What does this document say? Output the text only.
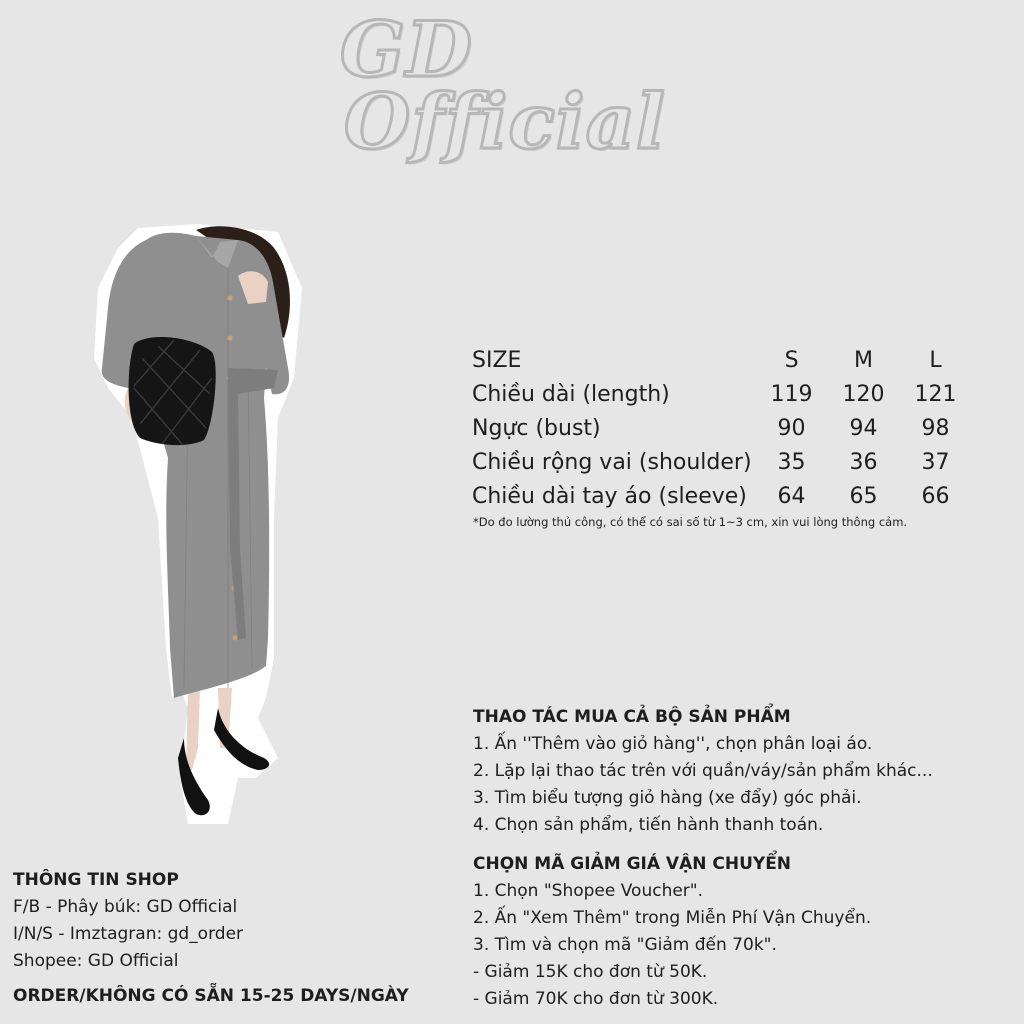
GD
Official
SIZE	S	M	L
Chiều dài (length)	119	120	121
Ngực (bust)	90	94	98
Chiều rộng vai (shoulder)	35	36	37
Chiều dài tay áo (sleeve)	64	65	66
*Do đo lường thủ công, có thể có sai số từ 1~3 cm, xin vui lòng thông cảm.
THAO TÁC MUA CẢ BỘ SẢN PHẨM
1. Ấn ''Thêm vào giỏ hàng'', chọn phân loại áo.
2. Lặp lại thao tác trên với quần/váy/sản phẩm khác...
3. Tìm biểu tượng giỏ hàng (xe đẩy) góc phải.
4. Chọn sản phẩm, tiến hành thanh toán.
CHỌN MÃ GIẢM GIÁ VẬN CHUYỂN
1. Chọn "Shopee Voucher".
2. Ấn "Xem Thêm" trong Miễn Phí Vận Chuyển.
3. Tìm và chọn mã "Giảm đến 70k".
- Giảm 15K cho đơn từ 50K.
- Giảm 70K cho đơn từ 300K.
THÔNG TIN SHOP
F/B - Phây búk: GD Official
I/N/S - Imztagran: gd_order
Shopee: GD Official
ORDER/KHÔNG CÓ SẴN 15-25 DAYS/NGÀY
